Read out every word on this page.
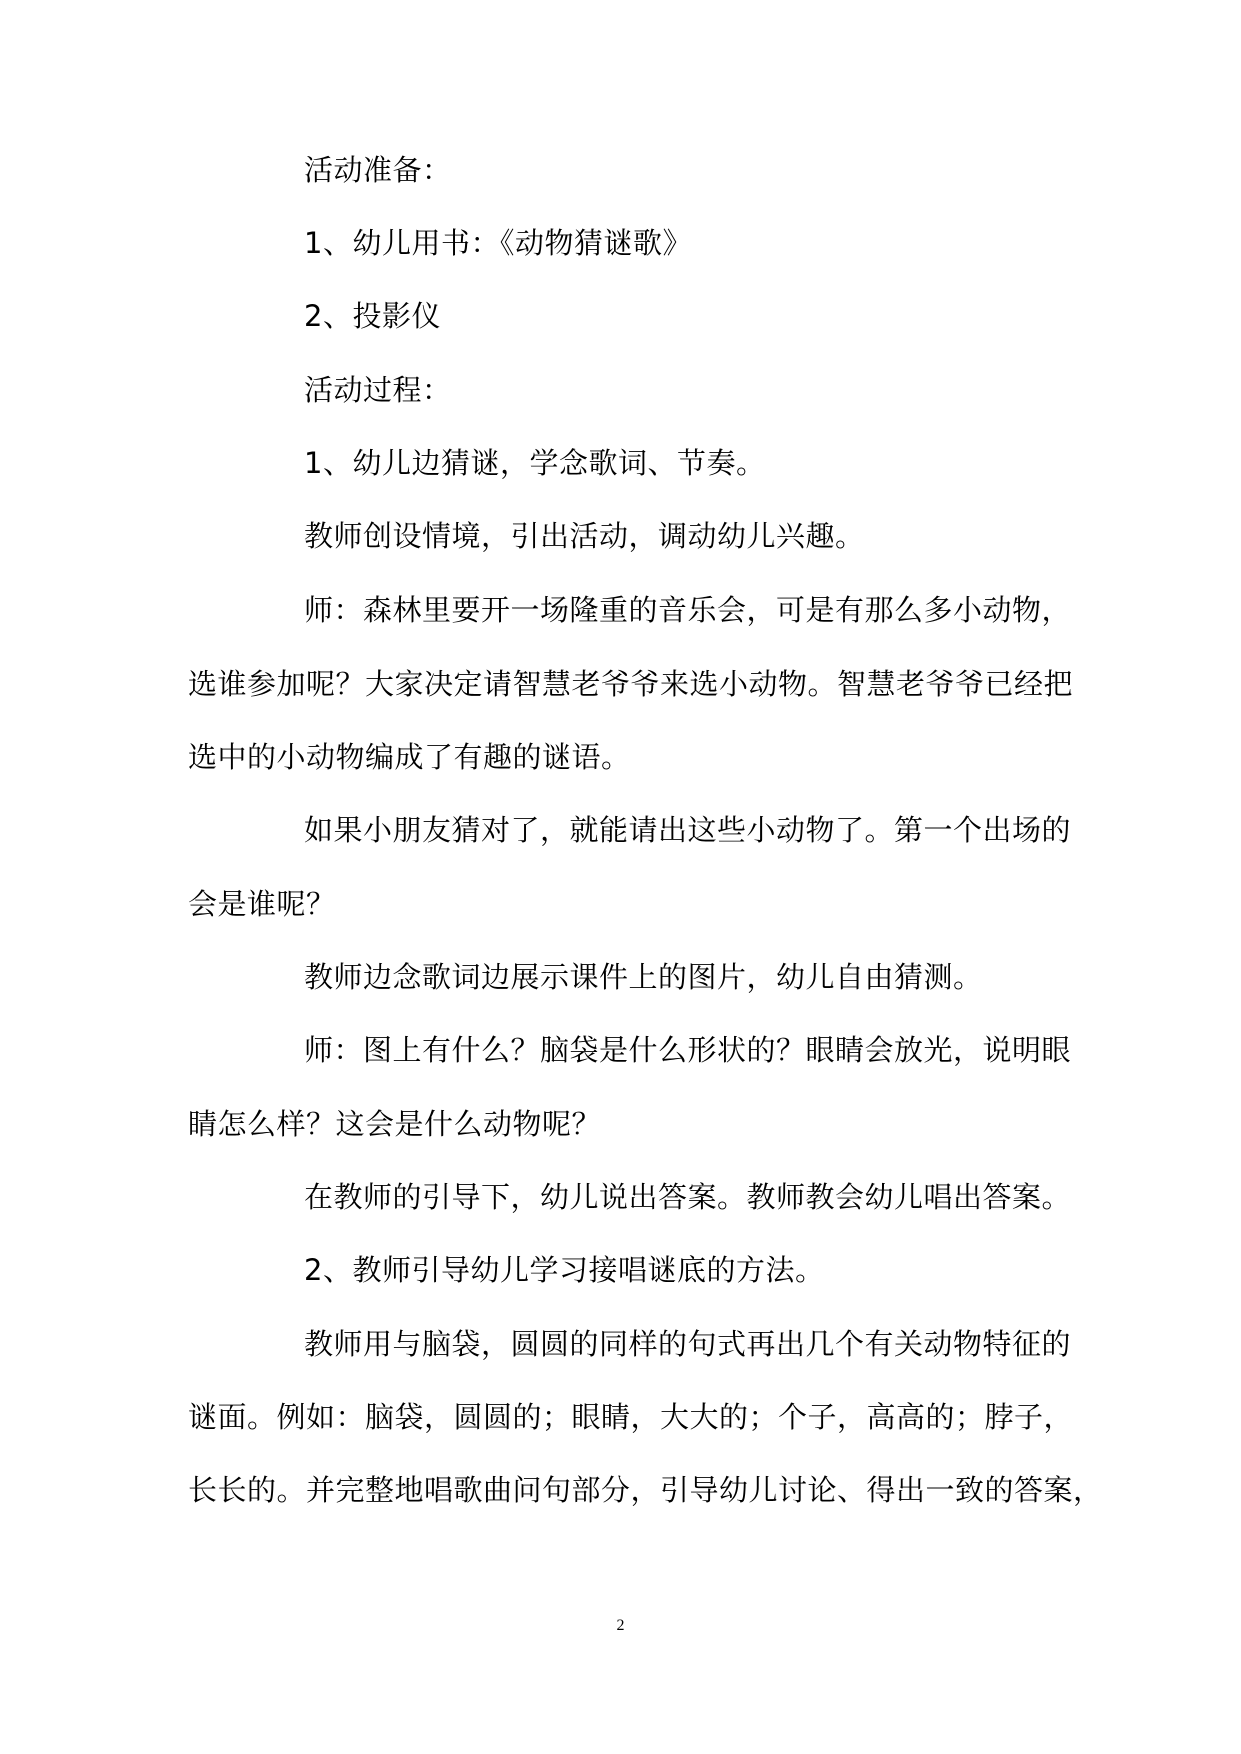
活动准备：
1、幼儿用书：《动物猜谜歌》
2、投影仪
活动过程：
1、幼儿边猜谜，学念歌词、节奏。
教师创设情境，引出活动，调动幼儿兴趣。
师：森林里要开一场隆重的音乐会，可是有那么多小动物，
选谁参加呢？大家决定请智慧老爷爷来选小动物。智慧老爷爷已经把
选中的小动物编成了有趣的谜语。
如果小朋友猜对了，就能请出这些小动物了。第一个出场的
会是谁呢？
教师边念歌词边展示课件上的图片，幼儿自由猜测。
师：图上有什么？脑袋是什么形状的？眼睛会放光，说明眼
睛怎么样？这会是什么动物呢？
在教师的引导下，幼儿说出答案。教师教会幼儿唱出答案。
2、教师引导幼儿学习接唱谜底的方法。
教师用与脑袋，圆圆的同样的句式再出几个有关动物特征的
谜面。例如：脑袋，圆圆的；眼睛，大大的；个子，高高的；脖子，
长长的。并完整地唱歌曲问句部分，引导幼儿讨论、得出一致的答案，
2
